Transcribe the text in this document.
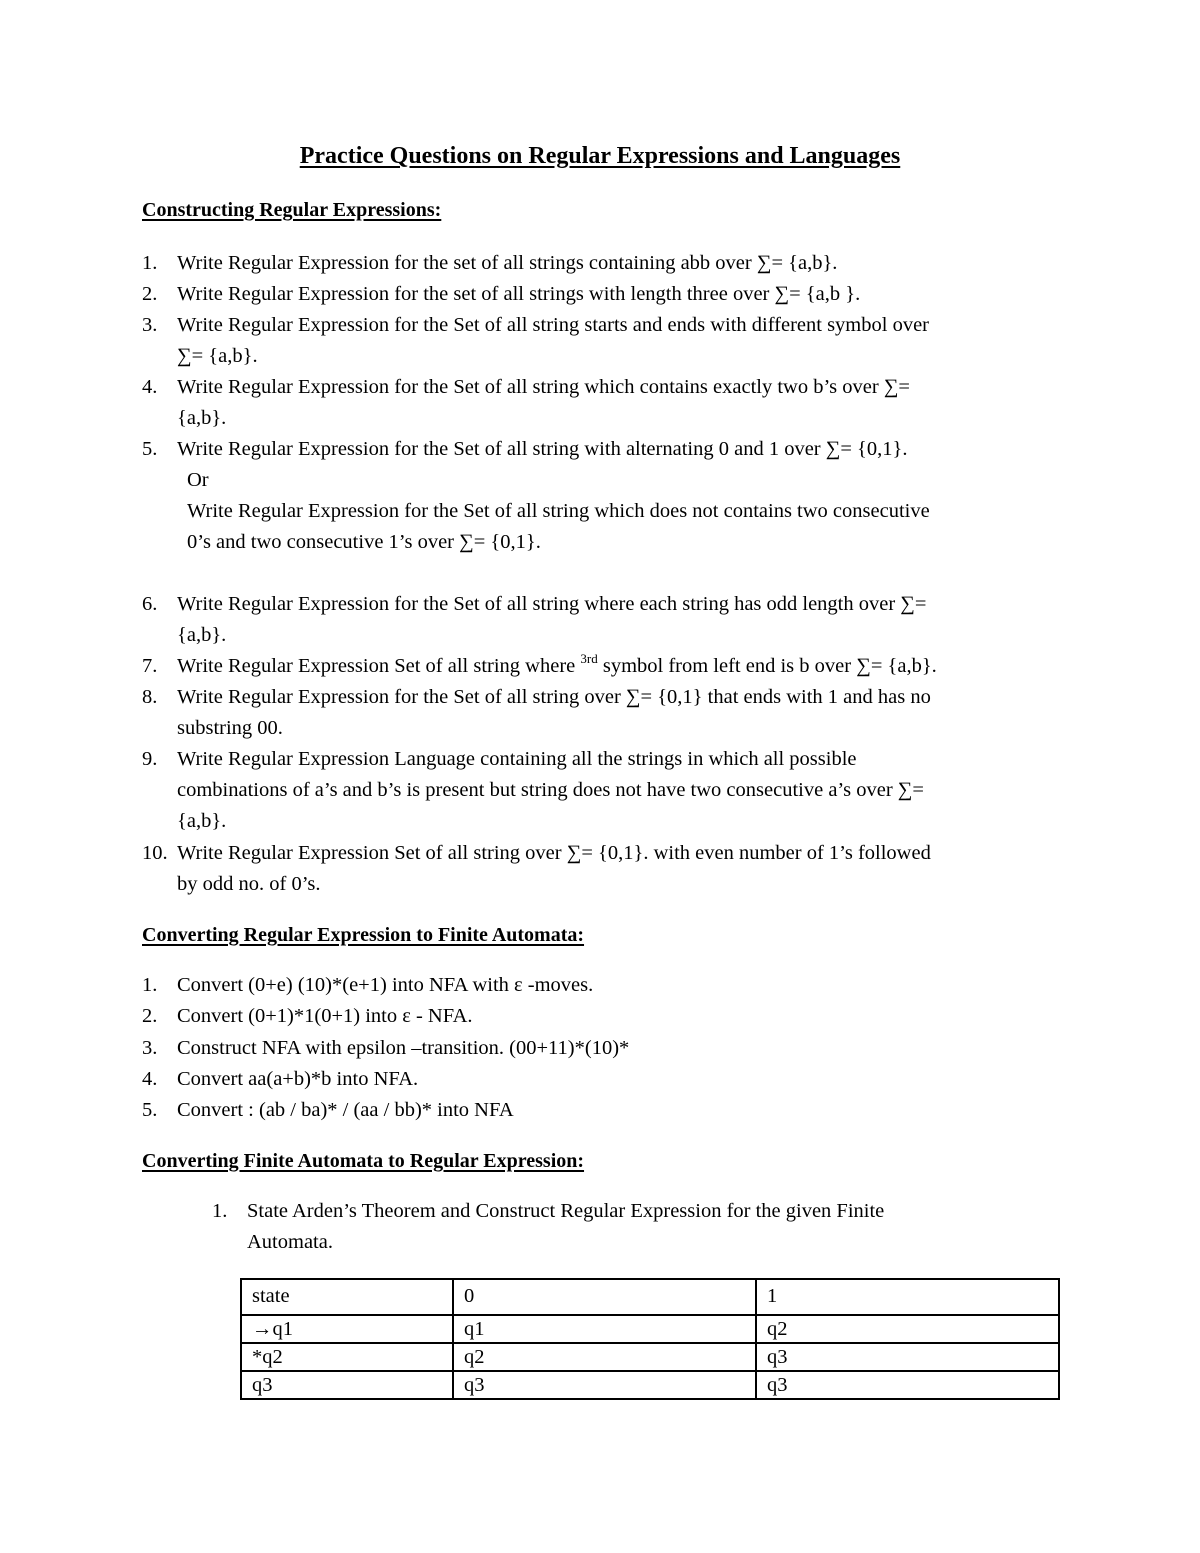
Practice Questions on Regular Expressions and Languages
Constructing Regular Expressions:
1. Write Regular Expression for the set of all strings containing abb over ∑= {a,b}.
2. Write Regular Expression for the set of all strings with length three over ∑= {a,b }.
3. Write Regular Expression for the Set of all string starts and ends with different symbol over
∑= {a,b}.
4. Write Regular Expression for the Set of all string which contains exactly two b’s over ∑=
{a,b}.
5. Write Regular Expression for the Set of all string with alternating 0 and 1 over ∑= {0,1}.
Or
Write Regular Expression for the Set of all string which does not contains two consecutive
0’s and two consecutive 1’s over ∑= {0,1}.
6. Write Regular Expression for the Set of all string where each string has odd length over ∑=
{a,b}.
7. Write Regular Expression Set of all string where $^{3rd}$ symbol from left end is b over ∑= {a,b}.
8. Write Regular Expression for the Set of all string over ∑= {0,1} that ends with 1 and has no
substring 00.
9. Write Regular Expression Language containing all the strings in which all possible
combinations of a’s and b’s is present but string does not have two consecutive a’s over ∑=
{a,b}.
10. Write Regular Expression Set of all string over ∑= {0,1}. with even number of 1’s followed
by odd no. of 0’s.
Converting Regular Expression to Finite Automata:
1. Convert (0+e) (10)*(e+1) into NFA with ε -moves.
2. Convert (0+1)*1(0+1) into ε - NFA.
3. Construct NFA with epsilon –transition. (00+11)*(10)*
4. Convert aa(a+b)*b into NFA.
5. Convert : (ab / ba)* / (aa / bb)* into NFA
Converting Finite Automata to Regular Expression:
1. State Arden’s Theorem and Construct Regular Expression for the given Finite
Automata.
state	0	1
→q1	q1	q2
*q2	q2	q3
q3	q3	q3
